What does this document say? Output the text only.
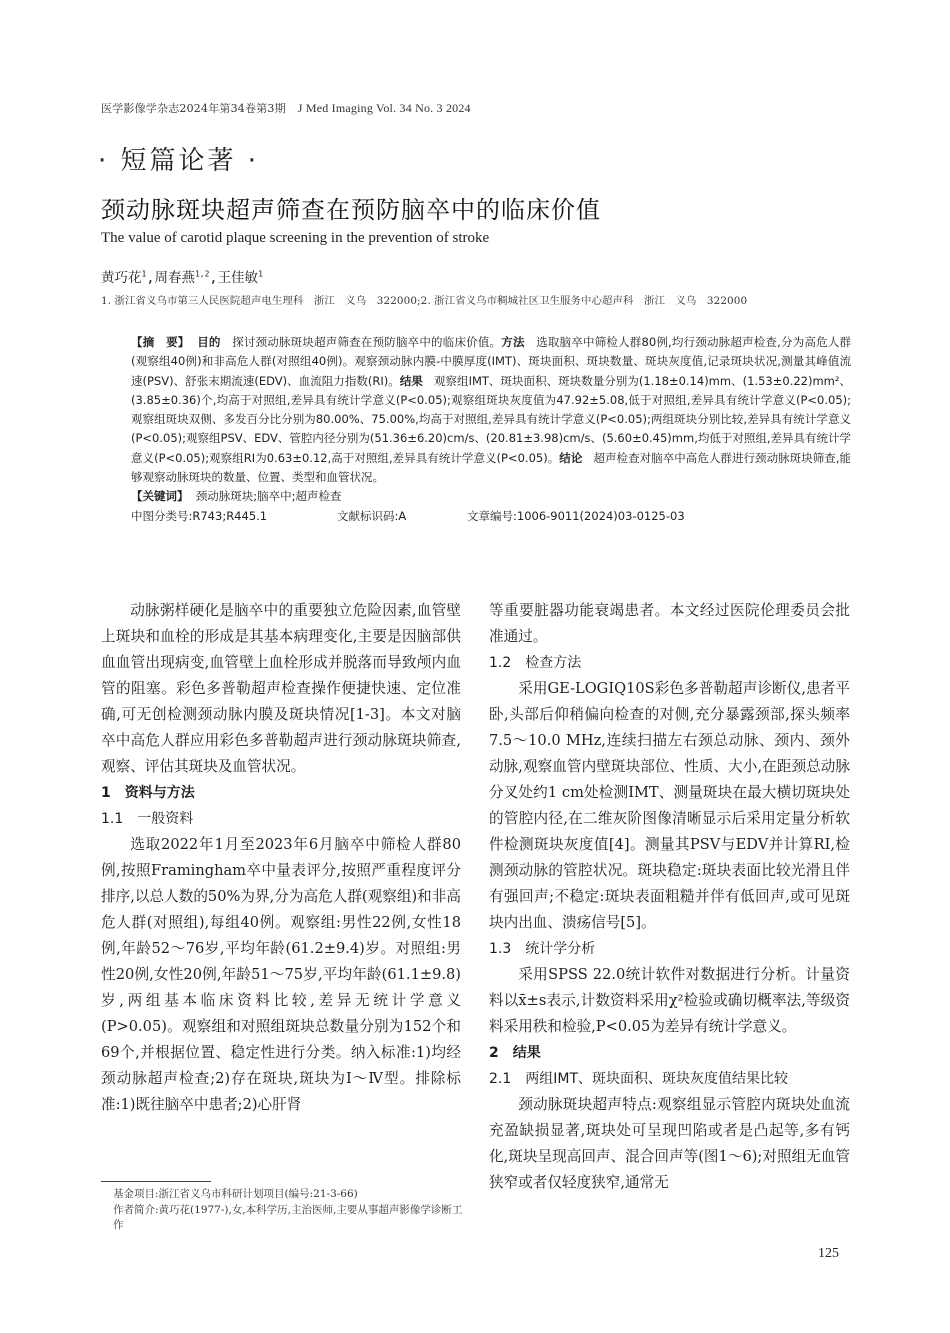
医学影像学杂志2024年第34卷第3期 J Med Imaging Vol. 34 No. 3 2024
· 短篇论著 ·
颈动脉斑块超声筛查在预防脑卒中的临床价值
The value of carotid plaque screening in the prevention of stroke
黄巧花$^1$,周春燕$^{1,2}$,王佳敏$^1$
1. 浙江省义乌市第三人民医院超声电生理科　浙江　义乌　322000;2. 浙江省义乌市稠城社区卫生服务中心超声科　浙江　义乌　322000

【摘　要】 目的 探讨颈动脉斑块超声筛查在预防脑卒中的临床价值。方法 选取脑卒中筛检人群80例,均行颈动脉超声检查,分为高危人群(观察组40例)和非高危人群(对照组40例)。观察颈动脉内膜-中膜厚度(IMT)、斑块面积、斑块数量、斑块灰度值,记录斑块状况,测量其峰值流速(PSV)、舒张末期流速(EDV)、血流阻力指数(RI)。结果 观察组IMT、斑块面积、斑块数量分别为(1.18±0.14)mm、(1.53±0.22)mm²、(3.85±0.36)个,均高于对照组,差异具有统计学意义(P<0.05);观察组斑块灰度值为47.92±5.08,低于对照组,差异具有统计学意义(P<0.05);观察组斑块双侧、多发百分比分别为80.00%、75.00%,均高于对照组,差异具有统计学意义(P<0.05);两组斑块分别比较,差异具有统计学意义(P<0.05);观察组PSV、EDV、管腔内径分别为(51.36±6.20)cm/s、(20.81±3.98)cm/s、(5.60±0.45)mm,均低于对照组,差异具有统计学意义(P<0.05);观察组RI为0.63±0.12,高于对照组,差异具有统计学意义(P<0.05)。结论 超声检查对脑卒中高危人群进行颈动脉斑块筛查,能够观察动脉斑块的数量、位置、类型和血管状况。

【关键词】 颈动脉斑块;脑卒中;超声检查

中图分类号:R743;R445.1	文献标识码:A	文章编号:1006-9011(2024)03-0125-03

动脉粥样硬化是脑卒中的重要独立危险因素,血管壁上斑块和血栓的形成是其基本病理变化,主要是因脑部供血血管出现病变,血管壁上血栓形成并脱落而导致颅内血管的阻塞。彩色多普勒超声检查操作便捷快速、定位准确,可无创检测颈动脉内膜及斑块情况[1-3]。本文对脑卒中高危人群应用彩色多普勒超声进行颈动脉斑块筛查,观察、评估其斑块及血管状况。

1　资料与方法

1.1　一般资料

选取2022年1月至2023年6月脑卒中筛检人群80例,按照Framingham卒中量表评分,按照严重程度评分排序,以总人数的50%为界,分为高危人群(观察组)和非高危人群(对照组),每组40例。观察组:男性22例,女性18例,年龄52～76岁,平均年龄(61.2±9.4)岁。对照组:男性20例,女性20例,年龄51～75岁,平均年龄(61.1±9.8)岁,两组基本临床资料比较,差异无统计学意义(P>0.05)。观察组和对照组斑块总数量分别为152个和69个,并根据位置、稳定性进行分类。纳入标准:1)均经颈动脉超声检查;2)存在斑块,斑块为Ⅰ～Ⅳ型。排除标准:1)既往脑卒中患者;2)心肝肾

等重要脏器功能衰竭患者。本文经过医院伦理委员会批准通过。

1.2　检查方法

采用GE-LOGIQ10S彩色多普勒超声诊断仪,患者平卧,头部后仰稍偏向检查的对侧,充分暴露颈部,探头频率7.5～10.0 MHz,连续扫描左右颈总动脉、颈内、颈外动脉,观察血管内壁斑块部位、性质、大小,在距颈总动脉分叉处约1 cm处检测IMT、测量斑块在最大横切斑块处的管腔内径,在二维灰阶图像清晰显示后采用定量分析软件检测斑块灰度值[4]。测量其PSV与EDV并计算RI,检测颈动脉的管腔状况。斑块稳定:斑块表面比较光滑且伴有强回声;不稳定:斑块表面粗糙并伴有低回声,或可见斑块内出血、溃疡信号[5]。

1.3　统计学分析

采用SPSS 22.0统计软件对数据进行分析。计量资料以x̄±s表示,计数资料采用χ²检验或确切概率法,等级资料采用秩和检验,P<0.05为差异有统计学意义。

2　结果

2.1　两组IMT、斑块面积、斑块灰度值结果比较

颈动脉斑块超声特点:观察组显示管腔内斑块处血流充盈缺损显著,斑块处可呈现凹陷或者是凸起等,多有钙化,斑块呈现高回声、混合回声等(图1～6);对照组无血管狭窄或者仅轻度狭窄,通常无

基金项目:浙江省义乌市科研计划项目(编号:21-3-66)

作者简介:黄巧花(1977-),女,本科学历,主治医师,主要从事超声影像学诊断工作

125
